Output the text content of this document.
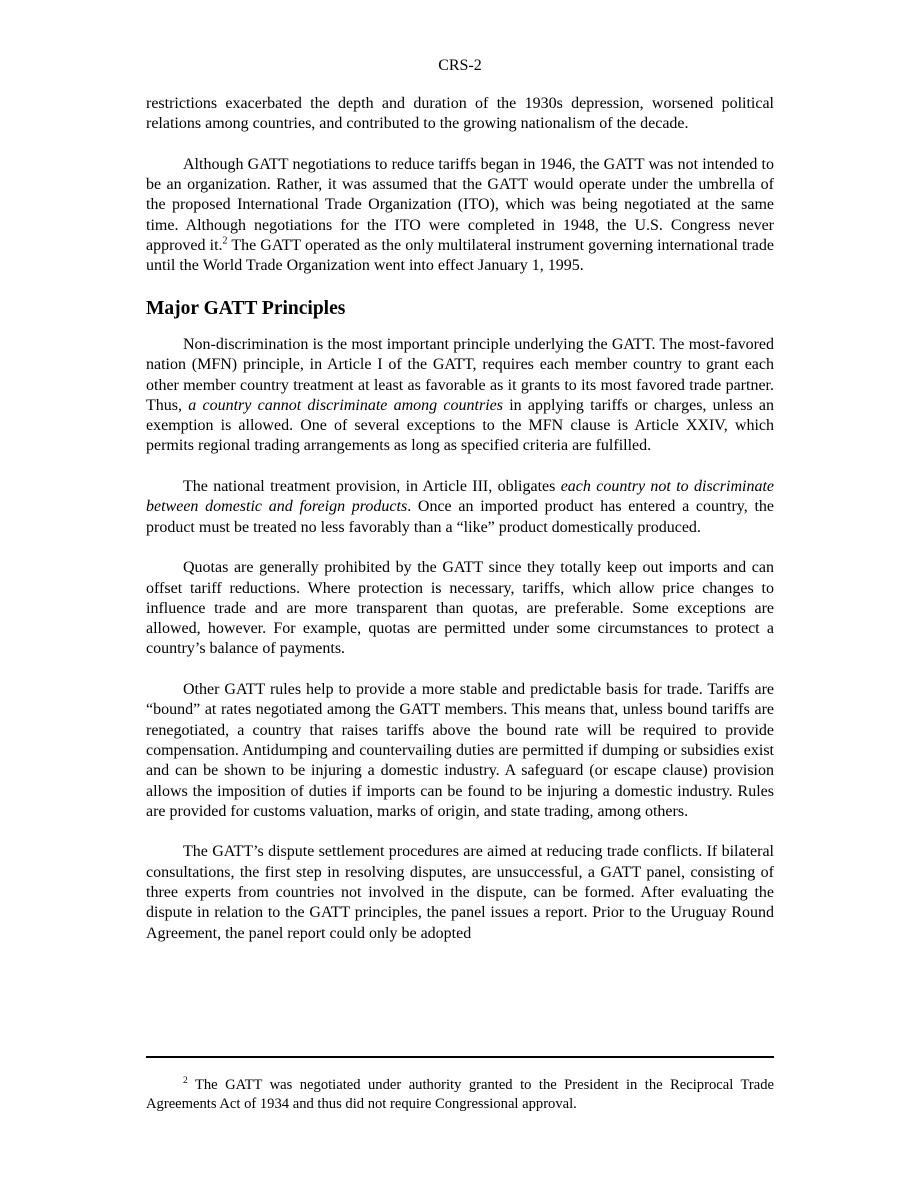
CRS-2

restrictions exacerbated the depth and duration of the 1930s depression, worsened political relations among countries, and contributed to the growing nationalism of the decade.

Although GATT negotiations to reduce tariffs began in 1946, the GATT was not intended to be an organization. Rather, it was assumed that the GATT would operate under the umbrella of the proposed International Trade Organization (ITO), which was being negotiated at the same time. Although negotiations for the ITO were completed in 1948, the U.S. Congress never approved it.$^2$ The GATT operated as the only multilateral instrument governing international trade until the World Trade Organization went into effect January 1, 1995.

Major GATT Principles

Non-discrimination is the most important principle underlying the GATT. The most-favored nation (MFN) principle, in Article I of the GATT, requires each member country to grant each other member country treatment at least as favorable as it grants to its most favored trade partner. Thus, a country cannot discriminate among countries in applying tariffs or charges, unless an exemption is allowed. One of several exceptions to the MFN clause is Article XXIV, which permits regional trading arrangements as long as specified criteria are fulfilled.

The national treatment provision, in Article III, obligates each country not to discriminate between domestic and foreign products. Once an imported product has entered a country, the product must be treated no less favorably than a “like” product domestically produced.

Quotas are generally prohibited by the GATT since they totally keep out imports and can offset tariff reductions. Where protection is necessary, tariffs, which allow price changes to influence trade and are more transparent than quotas, are preferable. Some exceptions are allowed, however. For example, quotas are permitted under some circumstances to protect a country’s balance of payments.

Other GATT rules help to provide a more stable and predictable basis for trade. Tariffs are “bound” at rates negotiated among the GATT members. This means that, unless bound tariffs are renegotiated, a country that raises tariffs above the bound rate will be required to provide compensation. Antidumping and countervailing duties are permitted if dumping or subsidies exist and can be shown to be injuring a domestic industry. A safeguard (or escape clause) provision allows the imposition of duties if imports can be found to be injuring a domestic industry. Rules are provided for customs valuation, marks of origin, and state trading, among others.

The GATT’s dispute settlement procedures are aimed at reducing trade conflicts. If bilateral consultations, the first step in resolving disputes, are unsuccessful, a GATT panel, consisting of three experts from countries not involved in the dispute, can be formed. After evaluating the dispute in relation to the GATT principles, the panel issues a report. Prior to the Uruguay Round Agreement, the panel report could only be adopted

$^2$ The GATT was negotiated under authority granted to the President in the Reciprocal Trade Agreements Act of 1934 and thus did not require Congressional approval.
